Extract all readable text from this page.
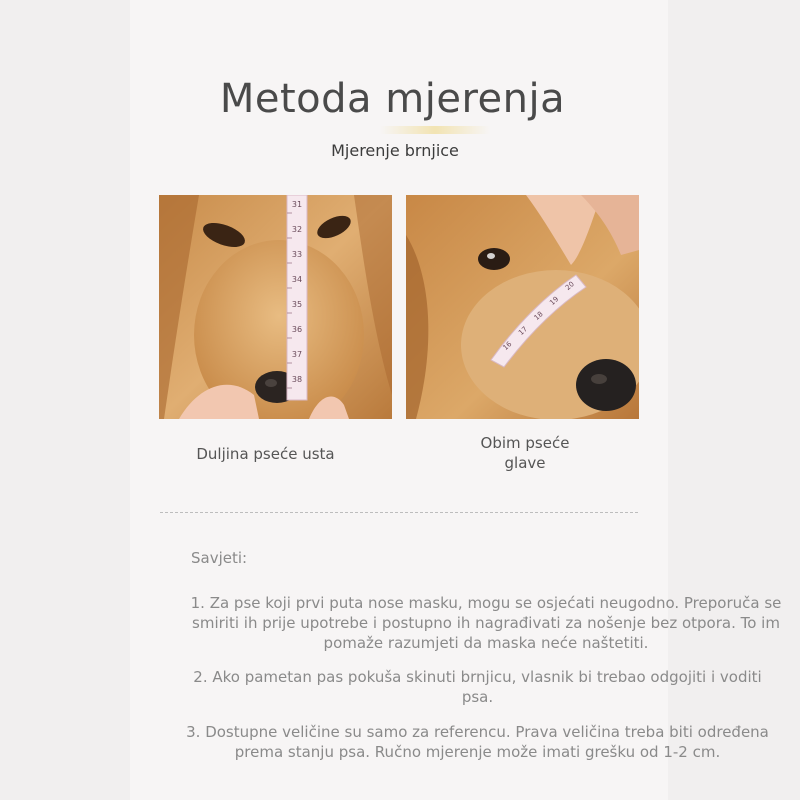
Metoda mjerenja
Mjerenje brnjice
31
32
33
34
35
36
37
38
16
17
18
19
20
Duljina pseće usta
Obim pseće
glave
Savjeti:
1. Za pse koji prvi puta nose masku, mogu se osjećati neugodno. Preporuča se smiriti ih prije upotrebe i postupno ih nagrađivati za nošenje bez otpora. To im pomaže razumjeti da maska neće naštetiti.
2. Ako pametan pas pokuša skinuti brnjicu, vlasnik bi trebao odgojiti i voditi psa.
3. Dostupne veličine su samo za referencu. Prava veličina treba biti određena prema stanju psa. Ručno mjerenje može imati grešku od 1-2 cm.
